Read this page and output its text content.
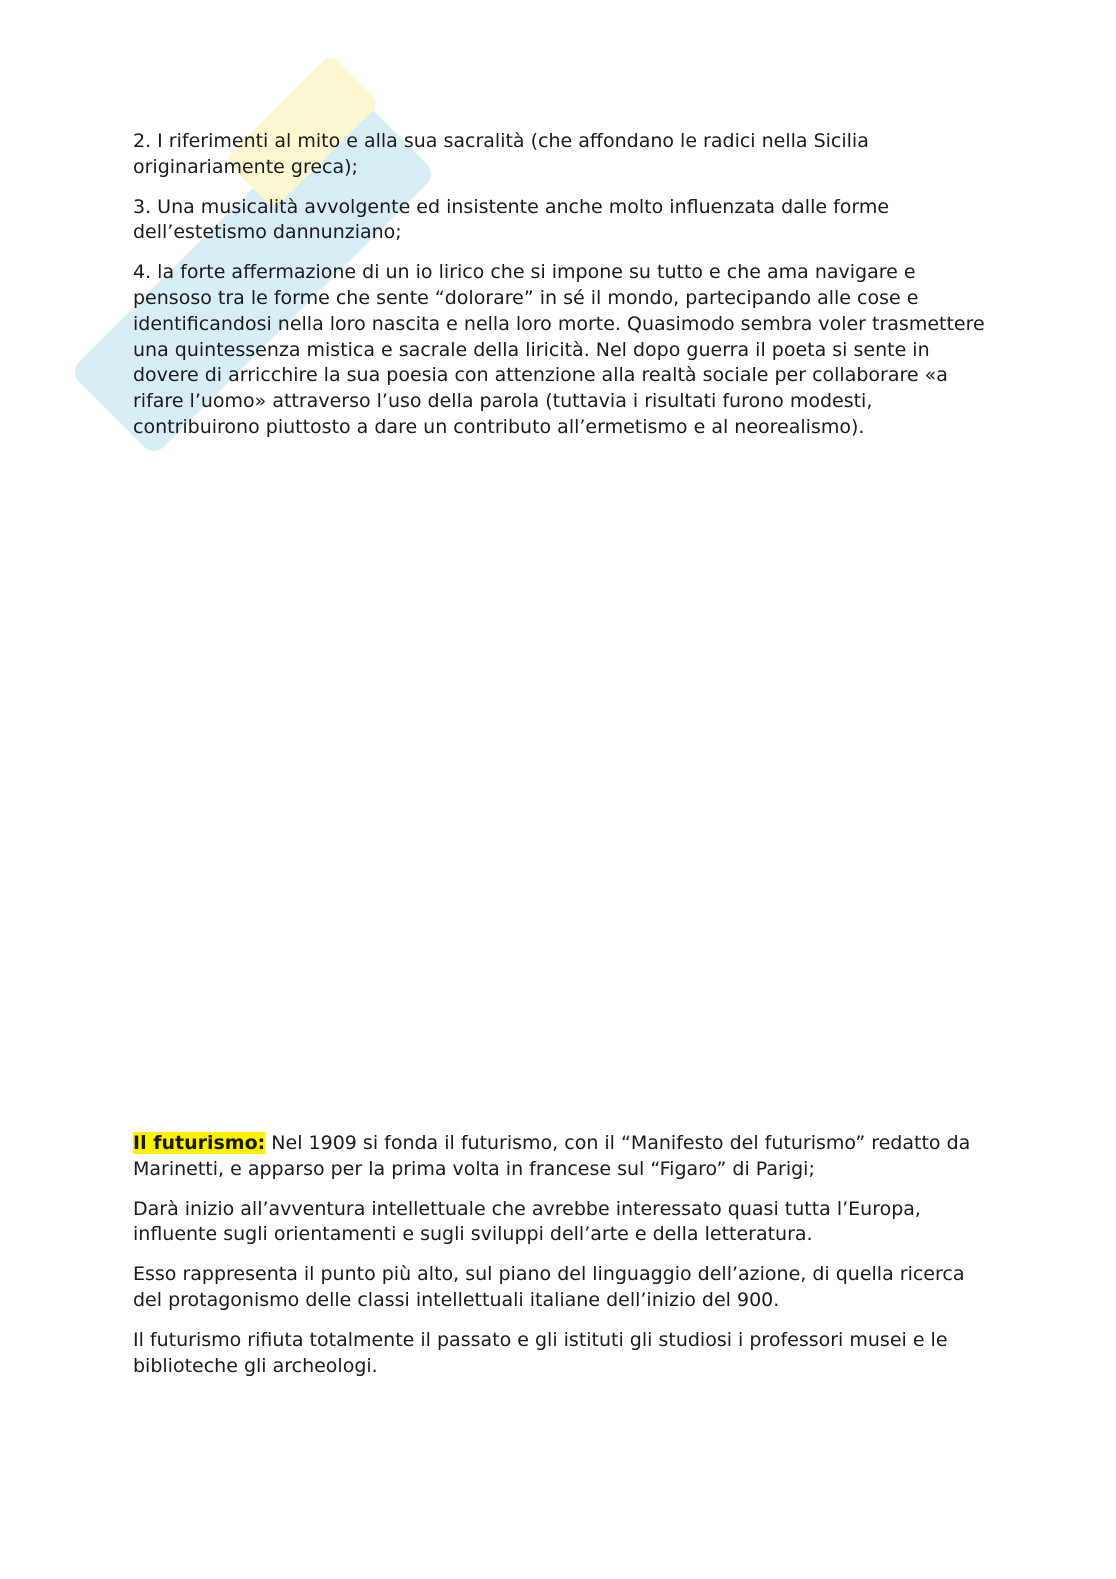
2. I riferimenti al mito e alla sua sacralità (che affondano le radici nella Sicilia originariamente greca);

3. Una musicalità avvolgente ed insistente anche molto influenzata dalle forme dell’estetismo dannunziano;

4. la forte affermazione di un io lirico che si impone su tutto e che ama navigare e pensoso tra le forme che sente “dolorare” in sé il mondo, partecipando alle cose e identificandosi nella loro nascita e nella loro morte. Quasimodo sembra voler trasmettere una quintessenza mistica e sacrale della liricità. Nel dopo guerra il poeta si sente in dovere di arricchire la sua poesia con attenzione alla realtà sociale per collaborare «a rifare l’uomo» attraverso l’uso della parola (tuttavia i risultati furono modesti, contribuirono piuttosto a dare un contributo all’ermetismo e al neorealismo).

Il futurismo: Nel 1909 si fonda il futurismo, con il “Manifesto del futurismo” redatto da Marinetti, e apparso per la prima volta in francese sul “Figaro” di Parigi;

Darà inizio all’avventura intellettuale che avrebbe interessato quasi tutta l’Europa, influente sugli orientamenti e sugli sviluppi dell’arte e della letteratura.

Esso rappresenta il punto più alto, sul piano del linguaggio dell’azione, di quella ricerca del protagonismo delle classi intellettuali italiane dell’inizio del 900.

Il futurismo rifiuta totalmente il passato e gli istituti gli studiosi i professori musei e le biblioteche gli archeologi.
